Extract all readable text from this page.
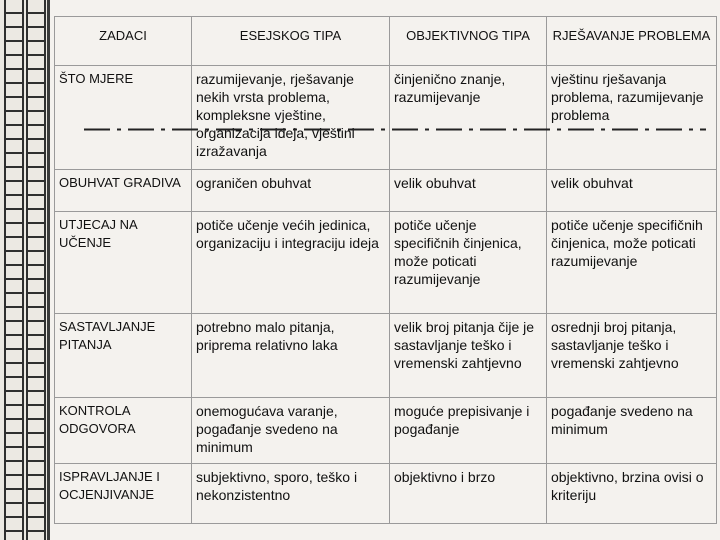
ZADACI	ESEJSKOG TIPA	OBJEKTIVNOG TIPA	RJEŠAVANJE PROBLEMA
ŠTO MJERE	razumijevanje, rješavanje nekih vrsta problema, kompleksne vještine, organizacija ideja, vještini izražavanja	činjenično znanje, razumijevanje	vještinu rješavanja problema, razumijevanje problema
OBUHVAT GRADIVA	ograničen obuhvat	velik obuhvat	velik obuhvat
UTJECAJ NA UČENJE	potiče učenje većih jedinica, organizaciju i integraciju ideja	potiče učenje specifičnih činjenica, može poticati razumijevanje	potiče učenje specifičnih činjenica, može poticati razumijevanje
SASTAVLJANJE PITANJA	potrebno malo pitanja, priprema relativno laka	velik broj pitanja čije je sastavljanje teško i vremenski zahtjevno	osrednji broj pitanja, sastavljanje teško i vremenski zahtjevno
KONTROLA ODGOVORA	onemogućava varanje, pogađanje svedeno na minimum	moguće prepisivanje i pogađanje	pogađanje svedeno na minimum
ISPRAVLJANJE I OCJENJIVANJE	subjektivno, sporo, teško i nekonzistentno	objektivno i brzo	objektivno, brzina ovisi o kriteriju
